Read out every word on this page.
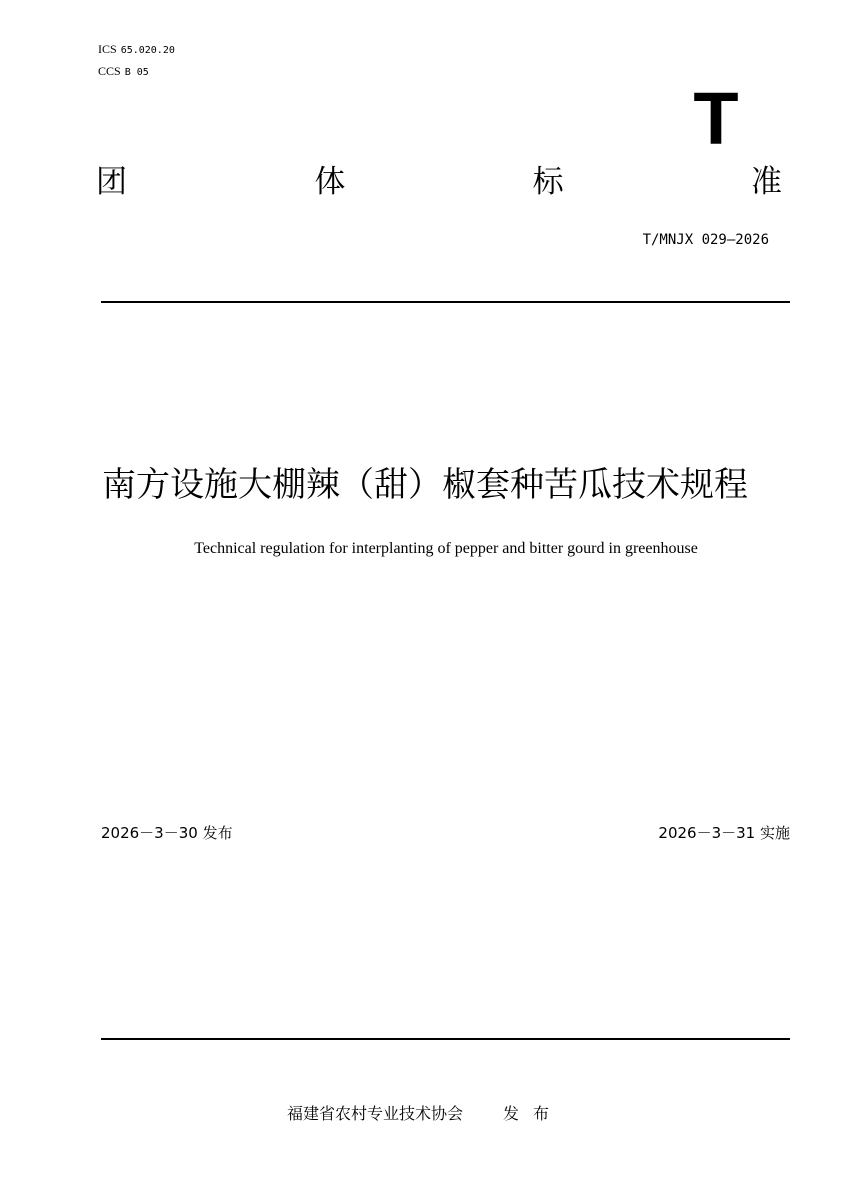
ICS 65.020.20
CCS B 05
T
团	体	标	准
T/MNJX 029—2026
南方设施大棚辣（甜）椒套种苦瓜技术规程
Technical regulation for interplanting of pepper and bitter gourd in greenhouse
2026－3－30 发布	2026－3－31 实施
福建省农村专业技术协会	发布
